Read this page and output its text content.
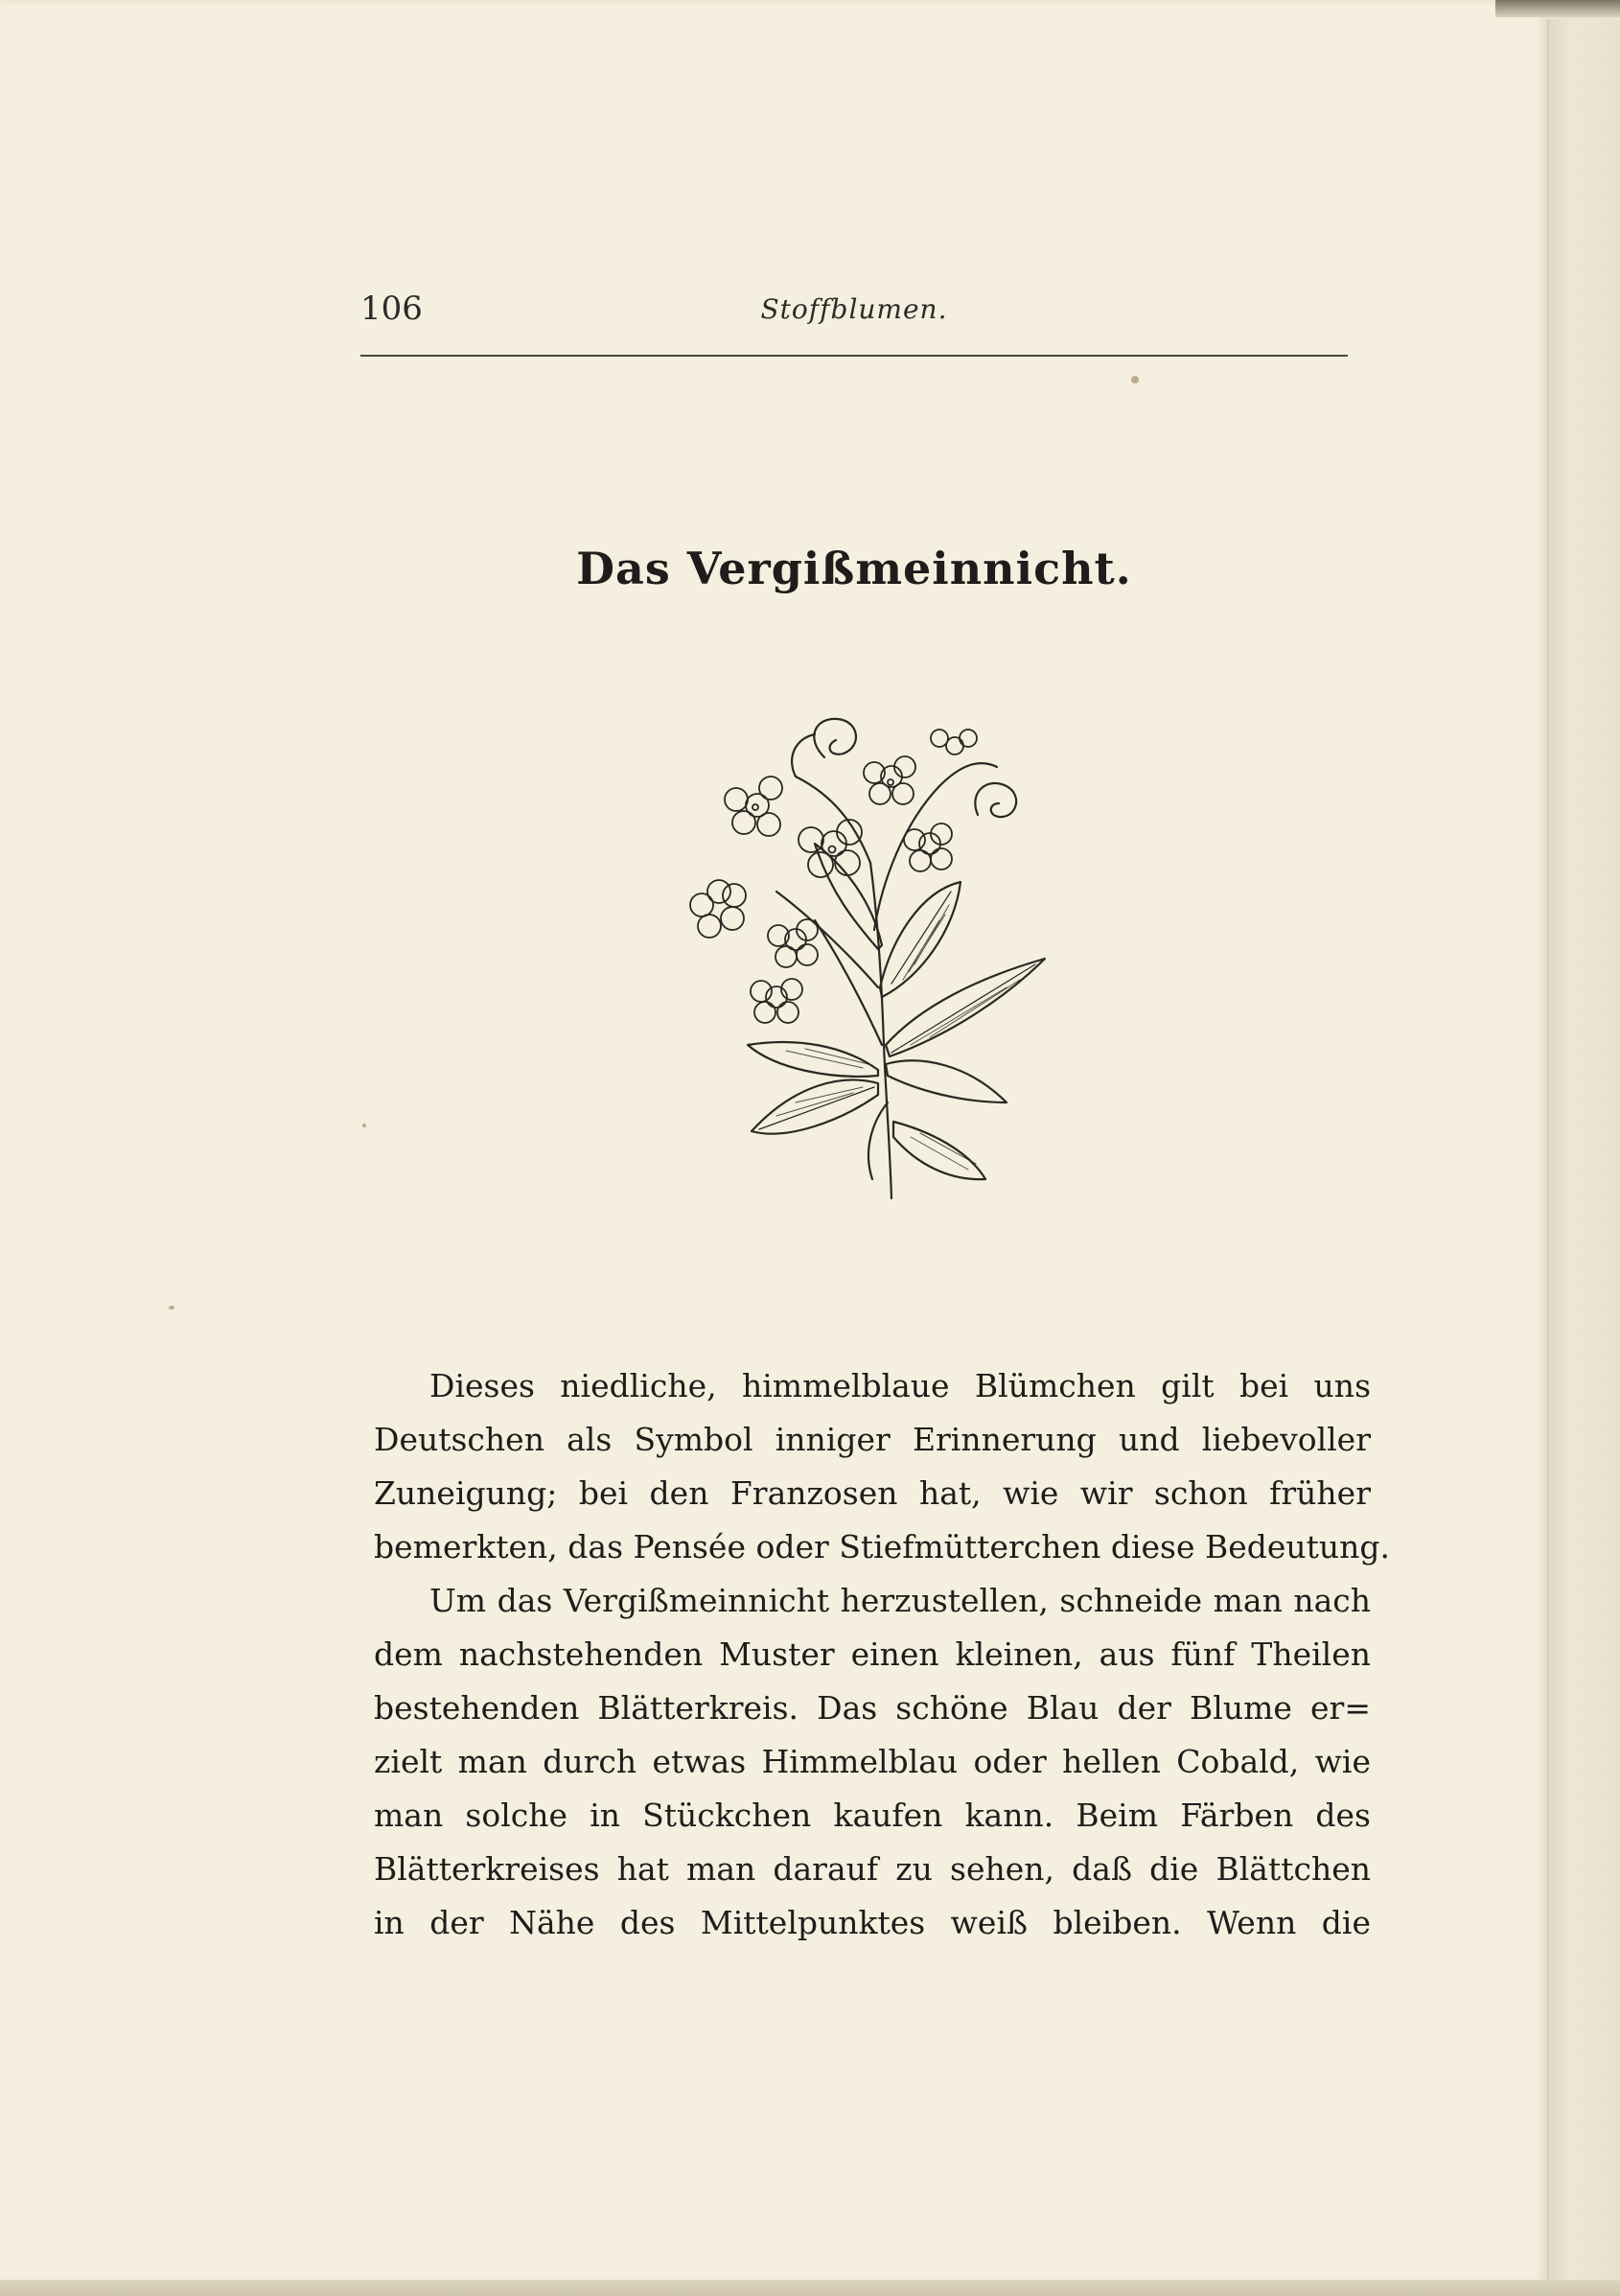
106	Stoffblumen.
Das Vergißmeinnicht.
Dieses niedliche, himmelblaue Blümchen gilt bei uns
Deutschen als Symbol inniger Erinnerung und liebevoller
Zuneigung; bei den Franzosen hat, wie wir schon früher
bemerkten, das Pensée oder Stiefmütterchen diese Bedeutung.
Um das Vergißmeinnicht herzustellen, schneide man nach
dem nachstehenden Muster einen kleinen, aus fünf Theilen
bestehenden Blätterkreis. Das schöne Blau der Blume er=
zielt man durch etwas Himmelblau oder hellen Cobald, wie
man solche in Stückchen kaufen kann. Beim Färben des
Blätterkreises hat man darauf zu sehen, daß die Blättchen
in der Nähe des Mittelpunktes weiß bleiben. Wenn die
